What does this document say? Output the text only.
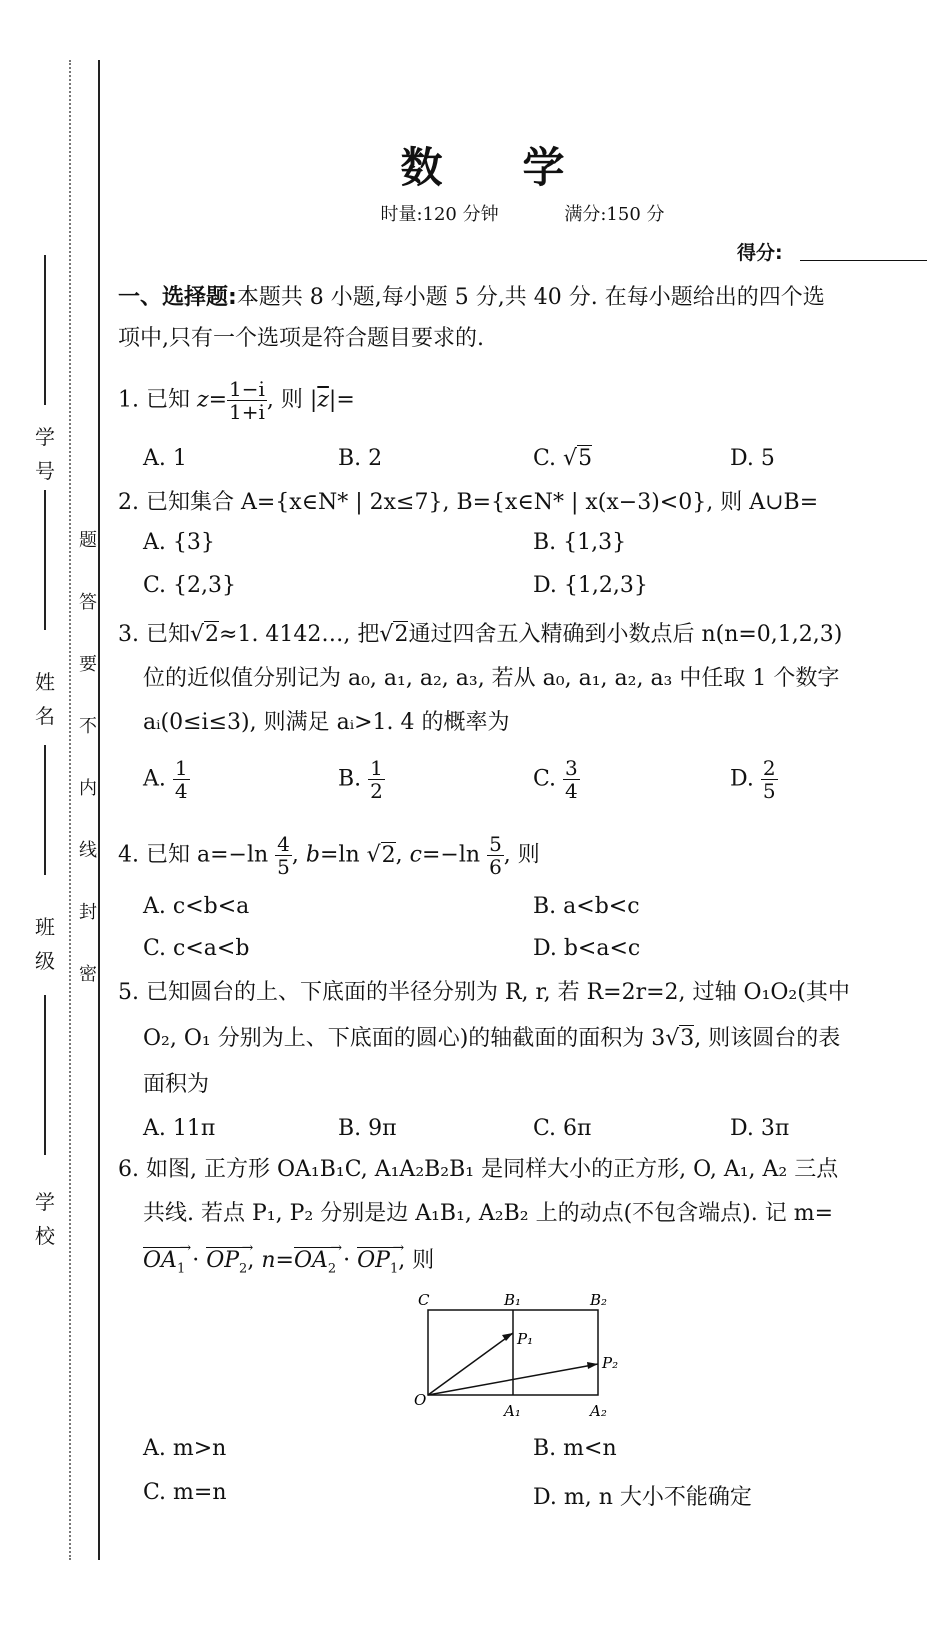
学号
姓名
班级
学校
题
答
要
不
内
线
封
密
数学
时量:120 分钟	满分:150 分
得分:
一、选择题:本题共 8 小题,每小题 5 分,共 40 分. 在每小题给出的四个选
项中,只有一个选项是符合题目要求的.
1. 已知 $z= \frac{1-i}{1+i}$ , 则 $|\overline{z}|=$
A. 1	B. 2	C. √5	D. 5
2. 已知集合 A={x∈N* | 2x≤7}, B={x∈N* | x(x−3)<0}, 则 A∪B=
A. {3}	B. {1,3}
C. {2,3}	D. {1,2,3}
3. 已知√2≈1. 4142…, 把√2通过四舍五入精确到小数点后 n(n=0,1,2,3)
位的近似值分别记为 a₀, a₁, a₂, a₃, 若从 a₀, a₁, a₂, a₃ 中任取 1 个数字
aᵢ(0≤i≤3), 则满足 aᵢ>1. 4 的概率为
A. $\frac{1}{4}$	B. $\frac{1}{2}$	C. $\frac{3}{4}$	D. $\frac{2}{5}$
4. 已知 $a=-\ln \frac{4}{5}$ , b=ln √2, $c=-\ln \frac{5}{6}$ , 则
A. c<b<a	B. a<b<c
C. c<a<b	D. b<a<c
5. 已知圆台的上、下底面的半径分别为 R, r, 若 R=2r=2, 过轴 O₁O₂(其中
O₂, O₁ 分别为上、下底面的圆心)的轴截面的面积为 3√3, 则该圆台的表
面积为
A. 11π	B. 9π	C. 6π	D. 3π
6. 如图, 正方形 OA₁B₁C, A₁A₂B₂B₁ 是同样大小的正方形, O, A₁, A₂ 三点
共线. 若点 P₁, P₂ 分别是边 A₁B₁, A₂B₂ 上的动点(不包含端点). 记 m=
$OA_1$ → · $OP_2$ →, $n=OA_2$ → · $OP_1$ →, 则
C	B₁	B₂
P₁
P₂
O
A₁	A₂
A. m>n	B. m<n
C. m=n	D. m, n 大小不能确定
